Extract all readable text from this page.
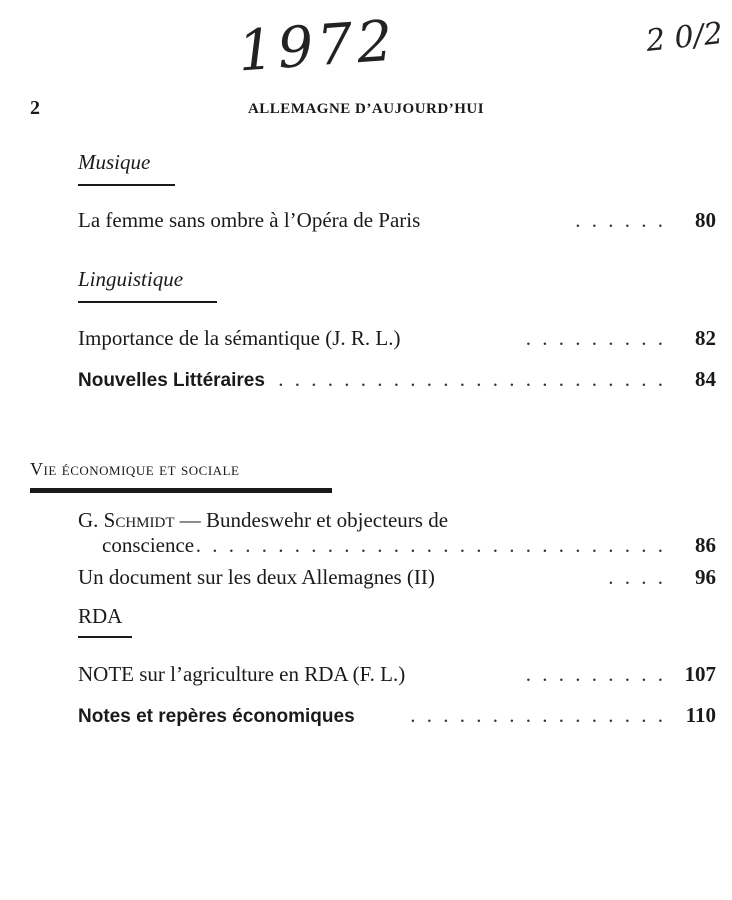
1972	2 0/2
2	ALLEMAGNE D’AUJOURD’HUI
Musique
La femme sans ombre à l’Opéra de Paris	. . . . . .	80
Linguistique
Importance de la sémantique (J. R. L.)	. . . . . . . . .	82
Nouvelles Littéraires . . . . . . . . . . . . . . . . . . . . . . . .	84
Vie économique et sociale
G. Schmidt — Bundeswehr et objecteurs de
conscience . . . . . . . . . . . . . . . . . . . . . . . . . . . . .	86
Un document sur les deux Allemagnes (II)	. . . .	96
RDA
NOTE sur l’agriculture en RDA (F. L.)	. . . . . . . . . 107
Notes et repères économiques	. . . . . . . . . . . . . . . . 110
